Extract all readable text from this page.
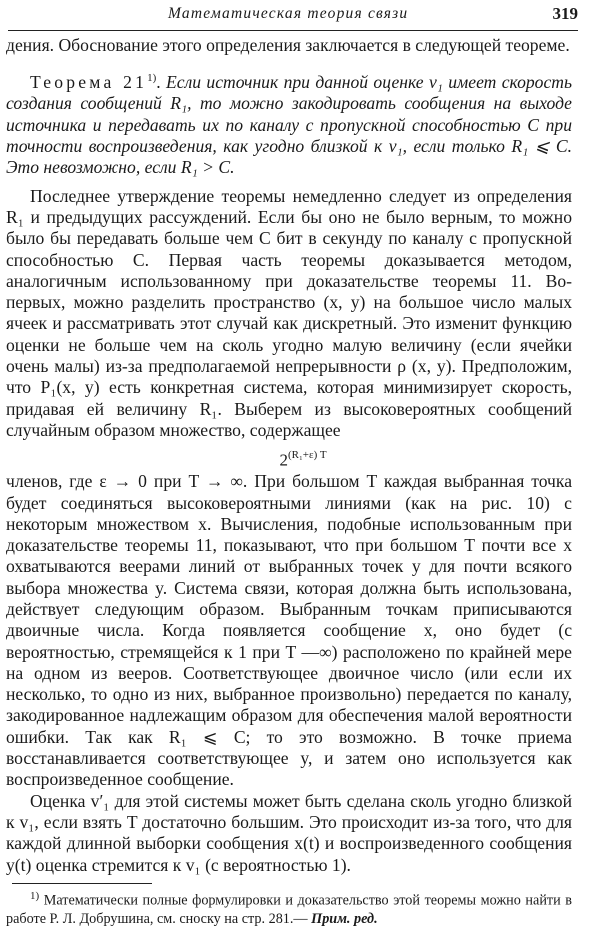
Математическая теория связи	319

дения. Обоснование этого определения заключается в следующей теореме.

Теорема 21$^{1)}$. Если источник при данной оценке v₁ имеет скорость создания сообщений R₁, то можно закодировать сообщения на выходе источника и передавать их по каналу с пропускной способностью C при точности воспроизведения, как угодно близкой к v₁, если только R₁ ⩽ C. Это невозможно, если R₁ > C.

Последнее утверждение теоремы немедленно следует из определения R₁ и предыдущих рассуждений. Если бы оно не было верным, то можно было бы передавать больше чем C бит в секунду по каналу с пропускной способностью C. Первая часть теоремы доказывается методом, аналогичным использованному при доказательстве теоремы 11. Во-первых, можно разделить пространство (x, y) на большое число малых ячеек и рассматривать этот случай как дискретный. Это изменит функцию оценки не больше чем на сколь угодно малую величину (если ячейки очень малы) из-за предполагаемой непрерывности ρ (x, y). Предположим, что P₁(x, y) есть конкретная система, которая минимизирует скорость, придавая ей величину R₁. Выберем из высоковероятных сообщений случайным образом множество, содержащее

$2^{(R_1+\varepsilon) T}$

членов, где ε → 0 при T → ∞. При большом T каждая выбранная точка будет соединяться высоковероятными линиями (как на рис. 10) с некоторым множеством x. Вычисления, подобные использованным при доказательстве теоремы 11, показывают, что при большом T почти все x охватываются веерами линий от выбранных точек y для почти всякого выбора множества y. Система связи, которая должна быть использована, действует следующим образом. Выбранным точкам приписываются двоичные числа. Когда появляется сообщение x, оно будет (с вероятностью, стремящейся к 1 при T —∞) расположено по крайней мере на одном из вееров. Соответствующее двоичное число (или если их несколько, то одно из них, выбранное произвольно) передается по каналу, закодированное надлежащим образом для обеспечения малой вероятности ошибки. Так как R₁ ⩽ C; то это возможно. В точке приема восстанавливается соответствующее y, и затем оно используется как воспроизведенное сообщение.

Оценка v′₁ для этой системы может быть сделана сколь угодно близкой к v₁, если взять T достаточно большим. Это происходит из-за того, что для каждой длинной выборки сообщения x(t) и воспроизведенного сообщения y(t) оценка стремится к v₁ (с вероятностью 1).

$^{1)}$ Математически полные формулировки и доказательство этой теоремы можно найти в работе Р. Л. Добрушина, см. сноску на стр. 281.— Прим. ред.
